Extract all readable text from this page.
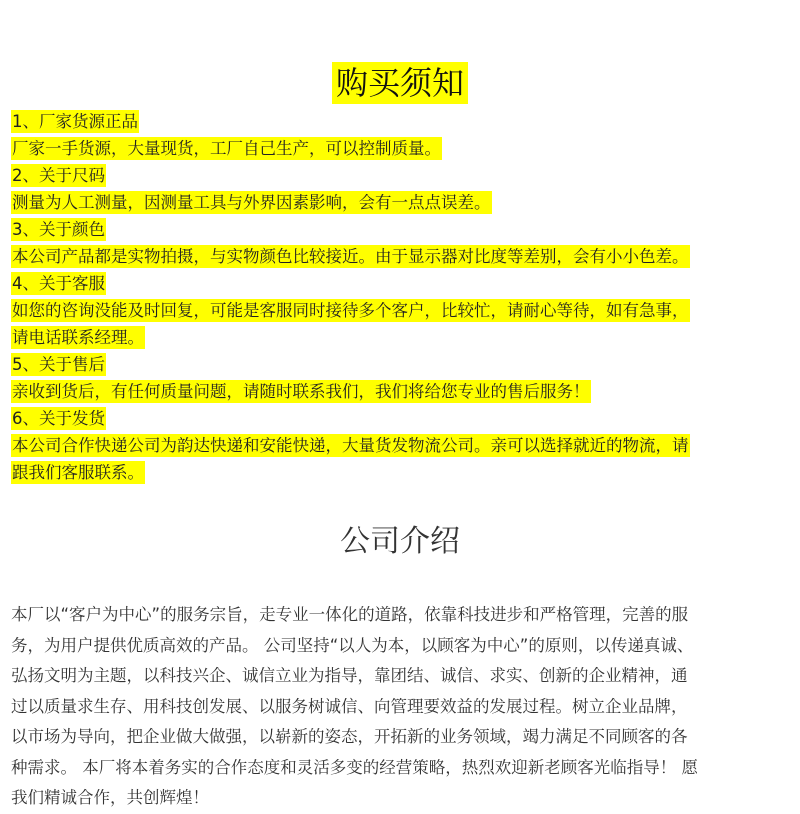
购买须知
1、厂家货源正品
厂家一手货源，大量现货，工厂自己生产，可以控制质量。
2、关于尺码
测量为人工测量，因测量工具与外界因素影响，会有一点点误差。
3、关于颜色
本公司产品都是实物拍摄，与实物颜色比较接近。由于显示器对比度等差别，会有小小色差。
4、关于客服
如您的咨询没能及时回复，可能是客服同时接待多个客户，比较忙，请耐心等待，如有急事，
请电话联系经理。
5、关于售后
亲收到货后，有任何质量问题，请随时联系我们，我们将给您专业的售后服务！
6、关于发货
本公司合作快递公司为韵达快递和安能快递，大量货发物流公司。亲可以选择就近的物流，请
跟我们客服联系。
公司介绍
本厂以“客户为中心”的服务宗旨，走专业一体化的道路，依靠科技进步和严格管理，完善的服
务，为用户提供优质高效的产品。 公司坚持“以人为本，以顾客为中心”的原则，以传递真诚、
弘扬文明为主题，以科技兴企、诚信立业为指导，靠团结、诚信、求实、创新的企业精神，通
过以质量求生存、用科技创发展、以服务树诚信、向管理要效益的发展过程。树立企业品牌，
以市场为导向，把企业做大做强，以崭新的姿态，开拓新的业务领域，竭力满足不同顾客的各
种需求。 本厂将本着务实的合作态度和灵活多变的经营策略，热烈欢迎新老顾客光临指导！ 愿
我们精诚合作，共创辉煌！
